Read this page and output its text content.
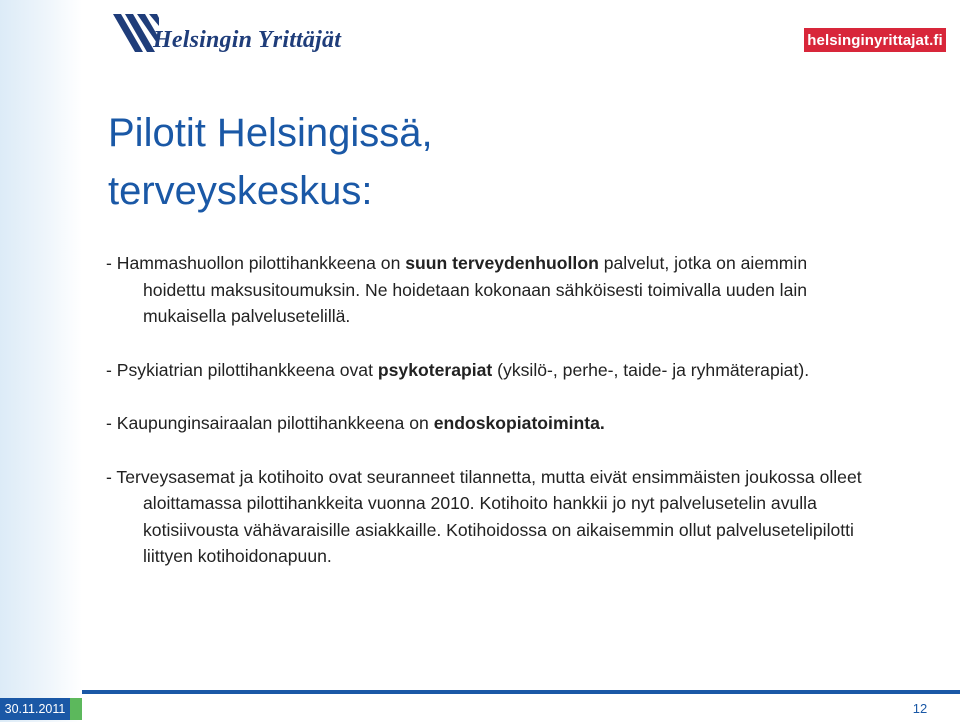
Helsingin Yrittäjät	helsinginyrittajat.fi
Pilotit Helsingissä,
terveyskeskus:

- Hammashuollon pilottihankkeena on suun terveydenhuollon palvelut, jotka on aiemmin hoidettu maksusitoumuksin. Ne hoidetaan kokonaan sähköisesti toimivalla uuden lain mukaisella palvelusetelillä.

- Psykiatrian pilottihankkeena ovat psykoterapiat (yksilö-, perhe-, taide- ja ryhmäterapiat).

- Kaupunginsairaalan pilottihankkeena on endoskopiatoiminta.

- Terveysasemat ja kotihoito ovat seuranneet tilannetta, mutta eivät ensimmäisten joukossa olleet aloittamassa pilottihankkeita vuonna 2010. Kotihoito hankkii jo nyt palvelusetelin avulla kotisiivousta vähävaraisille asiakkaille. Kotihoidossa on aikaisemmin ollut palvelusetelipilotti liittyen kotihoidonapuun.

30.11.2011	12
